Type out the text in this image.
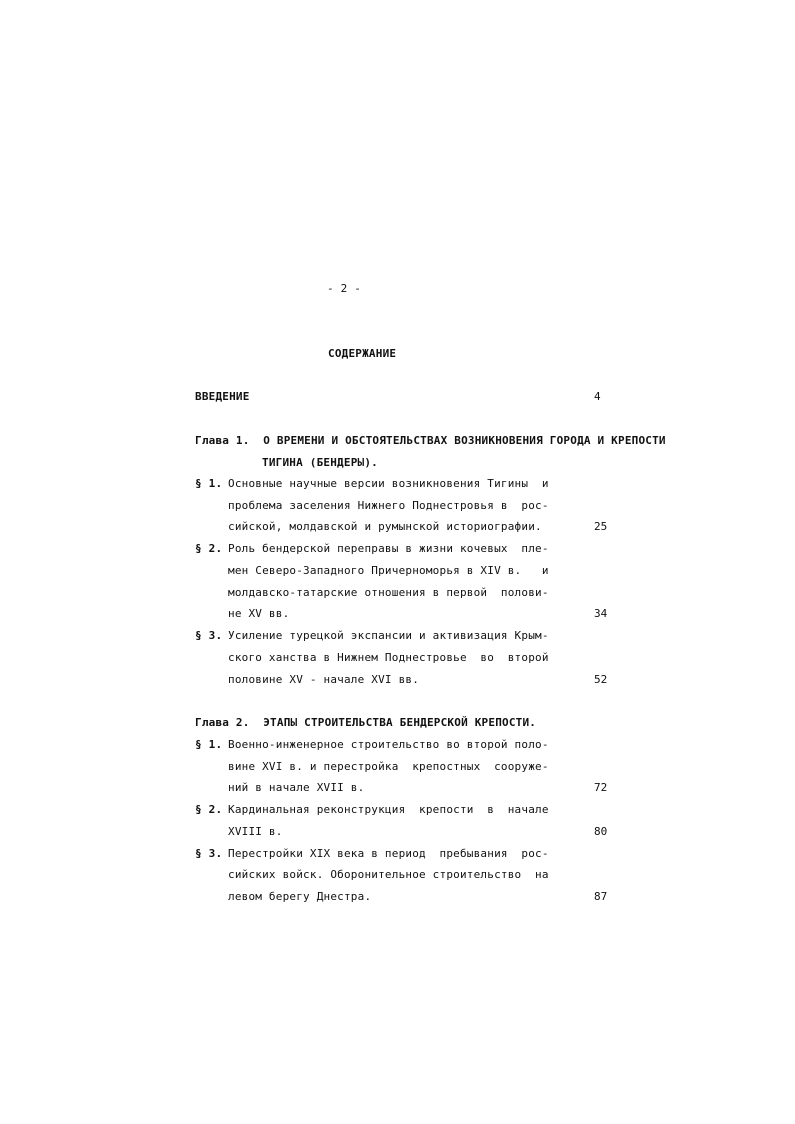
- 2 -
СОДЕРЖАНИЕ
ВВЕДЕНИЕ	4
Глава 1.  О ВРЕМЕНИ И ОБСТОЯТЕЛЬСТВАХ ВОЗНИКНОВЕНИЯ ГОРОДА И КРЕПОСТИ
ТИГИНА (БЕНДЕРЫ).
§ 1. Основные научные версии возникновения Тигины  и
проблема заселения Нижнего Поднестровья в  рос-
сийской, молдавской и румынской историографии.	25
§ 2. Роль бендерской переправы в жизни кочевых  пле-
мен Северо-Западного Причерноморья в XIV в.   и
молдавско-татарские отношения в первой  полови-
не XV вв.	34
§ 3. Усиление турецкой экспансии и активизация Крым-
ского ханства в Нижнем Поднестровье  во  второй
половине XV - начале XVI вв.	52
Глава 2.  ЭТАПЫ СТРОИТЕЛЬСТВА БЕНДЕРСКОЙ КРЕПОСТИ.
§ 1. Военно-инженерное строительство во второй поло-
вине XVI в. и перестройка  крепостных  сооруже-
ний в начале XVII в.	72
§ 2. Кардинальная реконструкция  крепости  в  начале
XVIII в.	80
§ 3. Перестройки XIX века в период  пребывания  рос-
сийских войск. Оборонительное строительство  на
левом берегу Днестра.	87
